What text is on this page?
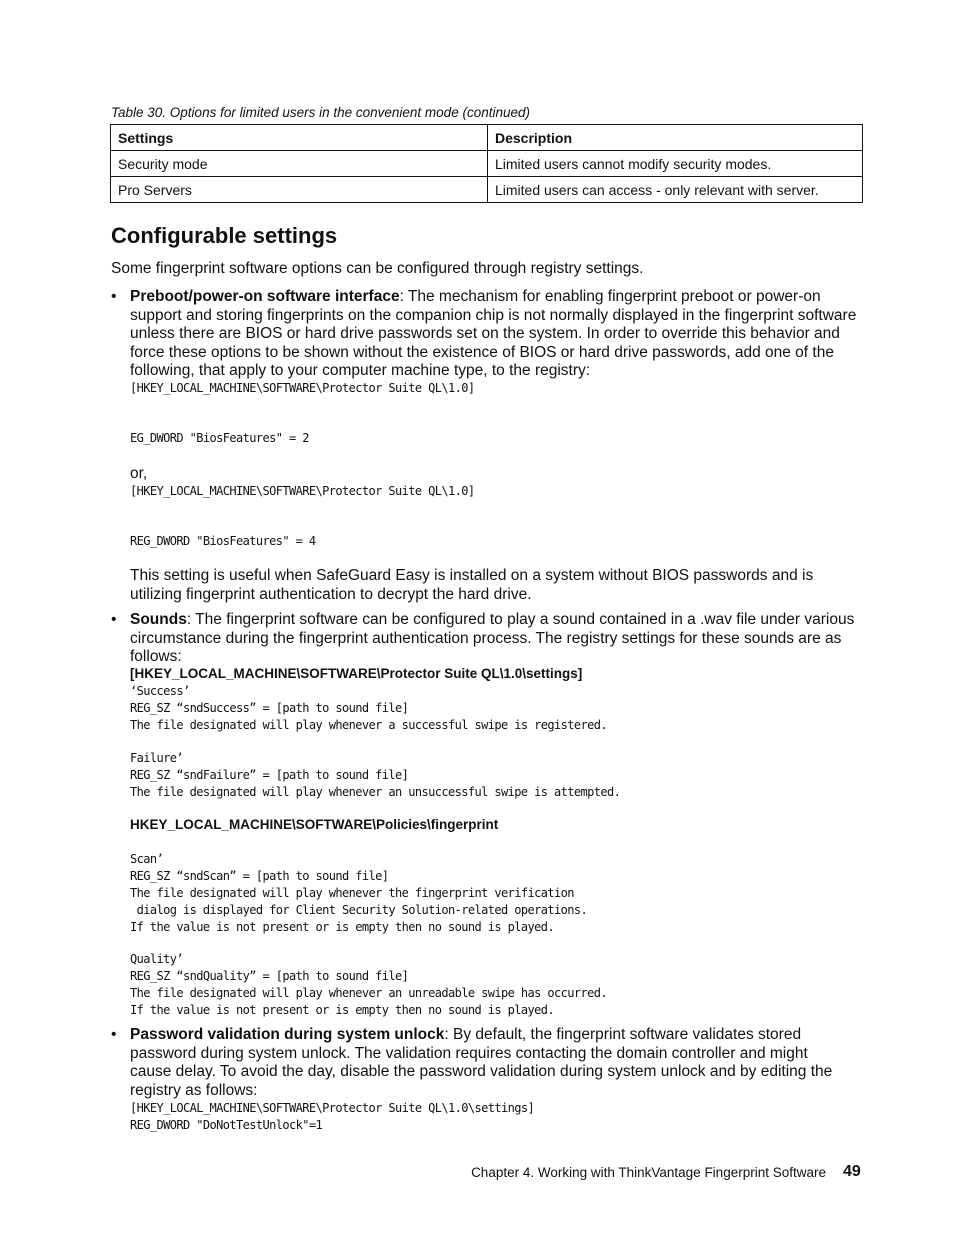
Table 30. Options for limited users in the convenient mode (continued)
Settings	Description
Security mode	Limited users cannot modify security modes.
Pro Servers	Limited users can access - only relevant with server.
Configurable settings
Some fingerprint software options can be configured through registry settings.
• Preboot/power-on software interface: The mechanism for enabling fingerprint preboot or power-on support and storing fingerprints on the companion chip is not normally displayed in the fingerprint software unless there are BIOS or hard drive passwords set on the system. In order to override this behavior and force these options to be shown without the existence of BIOS or hard drive passwords, add one of the following, that apply to your computer machine type, to the registry:
[HKEY_LOCAL_MACHINE\SOFTWARE\Protector Suite QL\1.0]
EG_DWORD "BiosFeatures" = 2
or,
[HKEY_LOCAL_MACHINE\SOFTWARE\Protector Suite QL\1.0]
REG_DWORD "BiosFeatures" = 4
This setting is useful when SafeGuard Easy is installed on a system without BIOS passwords and is utilizing fingerprint authentication to decrypt the hard drive.
• Sounds: The fingerprint software can be configured to play a sound contained in a .wav file under various circumstance during the fingerprint authentication process. The registry settings for these sounds are as follows:
[HKEY_LOCAL_MACHINE\SOFTWARE\Protector Suite QL\1.0\settings]
‘Success’
REG_SZ “sndSuccess” = [path to sound file]
The file designated will play whenever a successful swipe is registered.
Failure’
REG_SZ “sndFailure” = [path to sound file]
The file designated will play whenever an unsuccessful swipe is attempted.
HKEY_LOCAL_MACHINE\SOFTWARE\Policies\fingerprint
Scan’
REG_SZ “sndScan” = [path to sound file]
The file designated will play whenever the fingerprint verification
dialog is displayed for Client Security Solution-related operations.
If the value is not present or is empty then no sound is played.
Quality’
REG_SZ “sndQuality” = [path to sound file]
The file designated will play whenever an unreadable swipe has occurred.
If the value is not present or is empty then no sound is played.
• Password validation during system unlock: By default, the fingerprint software validates stored password during system unlock. The validation requires contacting the domain controller and might cause delay. To avoid the day, disable the password validation during system unlock and by editing the registry as follows:
[HKEY_LOCAL_MACHINE\SOFTWARE\Protector Suite QL\1.0\settings]
REG_DWORD "DoNotTestUnlock"=1
Chapter 4. Working with ThinkVantage Fingerprint Software 49
